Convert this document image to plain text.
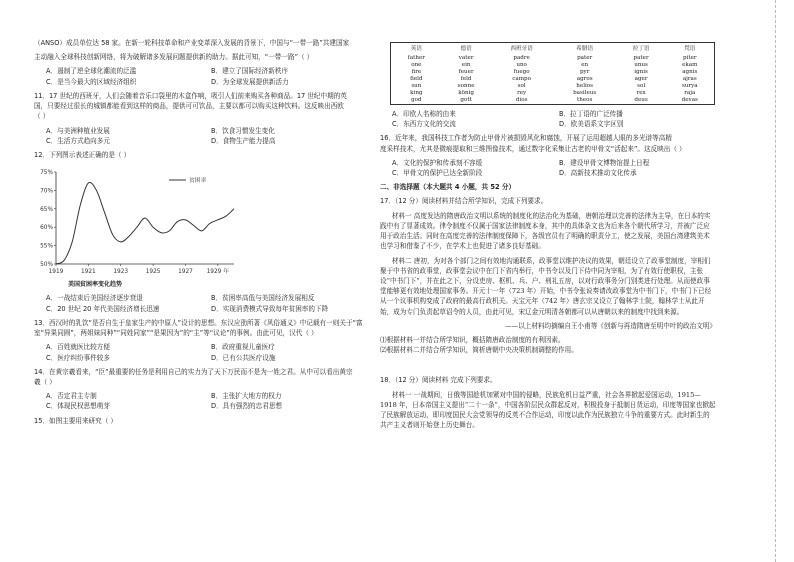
（ANSO）成员单位达 58 家。在新一轮科技革命和产业变革深入发展的背景下，中国与“一带一路”共建国家

主动融入全球科技创新网络，将为破解诸多发展问题提供新的助力。据此可知，“一带一路”（ ）

A．遏制了逆全球化潮流的泛滥	B．建立了国际经济新秩序
C．是当今最大的区域经济组织	D．为全球发展提供新活力

11．17 世纪的西班牙，人们会随着音乐口袋里的木盒作响，吸引人们前来购买各种商品。17 世纪中期的英

国，只要经过很长的城镇都能看到这样的商品，提供可可饮品，主要以都可以购买这种饮料。这反映出西欧

（ ）

A．与美洲种植业发展	B．饮食习惯发生变化
C．生活方式趋向多元	D．食物生产能力提高

12．下列图示表述正确的是（ ）

50%
55%
60%
65%
70%
75%
1919	1921	1923	1925	1927 1929 年
贫困率
美国贫困率变化趋势
A．一战结束后美国经济逐步衰退	B．贫困率高低与美国经济发展相反
C．20 世纪 20 年代美国经济增长迅速	D．实现消费模式导致每年贫困率的下降

13．西汉时的乳饮“是否自生于皇家生产的中原人”设计的思想。东汉应劭所著《风俗通义》中记载有一则关于“富

室“异果同圆”，两姐妹同种”“同姓同家”“是果因为”的“主”等“议论”的事例。由此可见，汉代（ ）

A．百姓就医比较方便	B．政府重视儿童医疗
C．医疗纠纷事件较多	D．已有公共医疗设施

14．在黄宗羲看来，“臣”最重要的任务是利用自己的实力为了天下万民而不是为一姓之君。从中可以看出黄宗

羲（ ）

A．否定君主专制	B．主张扩大地方的权力
C．体现民权思想萌芽	D．具有强烈的忠君思想

15．如图主要用来研究（ ）

英语	德语	西班牙语	希腊语	拉丁语	梵语
father	vater	padre	pater	pater	piter
one	ein	uno	en	unus	ekam
fire	feuer	fuego	pyr	ignis	agnis
field	feld	campo	agros	ager	ajras
sun	sonne	sol	helios	sol	surya
king	könig	rey	basileus	rex	raja
god	gott	dios	theos	deus	devas
A．印欧人名称的由来	B．拉丁语的广泛传播
C．东西方文化的交流	D．欧美语系文字区别

16．近年来，我国科技工作者为防止甲骨片被损毁风化和腐蚀，开展了运用超越人眼的多光谱等高精

度采样技术，尤其是微痕提取和三维图像技术，通过数字化采集让古老的甲骨文“活起来”。这反映出（ ）

A．文化的保护和传承刻不容缓	B．建设甲骨文博物馆提上日程
C．甲骨文的保护已达全新阶段	D．高新技术推动文化传承

二、非选择题（本大题共 4 小题，共 52 分）

17．（12 分）阅读材料并结合所学知识，完成下列要求。

材料一 高度发达的隋唐政治文明以系统的制度化的法治化为基础，唐朝治理以完善的法律为主导，在日本的实践中有了显著成效。律令制度不仅属于国家法律制度本身，其中的具体条文也为后来各个朝代所学习，并被广泛应用于政治生活。同时在高度完善的法律制度保障下，各级官员有了明确的职责分工，使之发展，美国台湾建筑美术也学习和借鉴了不少，在学术上也促进了诸多良好基础。

材料二 唐初，为对各个部门之间有效地沟通联系，政事堂以维护决议的效果，朝廷设立了政事堂制度，宰相们聚于中书省的政事堂，政事堂会议中在门下省内举行，中书令以及门下侍中同为宰相，为了有效行使职权，主张设“中书门下”，并在此之下，分设吏房、枢机、兵、户、刑礼五房，以对行政事务分门别类进行处理。从而使政事堂能够更有效地处理国家事务。开元十一年（723 年）开始，中书令张说奏请改政事堂为中书门下，中书门下已经从一个议事机构变成了政府的最高行政机关。天宝元年（742 年）唐玄宗又设立了翰林学士院，翰林学士从此开始，成为专门负责起草诏令的人员，由此可见，宋辽金元明清各朝都可以从唐朝以来的制度中找到来源。

——以上材料均摘编自王小甫等《创新与再造隋唐至明中叶的政治文明》

⑴根据材料一并结合所学知识，概括隋唐政治制度的有利因素。

⑵根据材料二并结合所学知识，简析唐朝中央决策机制调整的作用。

18．（12 分）阅读材料 完成下列要求。

材料一 一战期间，日俄等国趁机加紧对中国的侵略，民族危机日益严重，社会各界掀起爱国运动，1915—1918 年，日本帝国主义提出“二十一条”，中国各阶层民众群起反对，积极投身于抵制日货运动，印度等国家也掀起了民族解放运动，即印度国民大会党领导的反英不合作运动，印度以此作为民族独立斗争的重要方式。此时新生的共产主义者则开始登上历史舞台。
